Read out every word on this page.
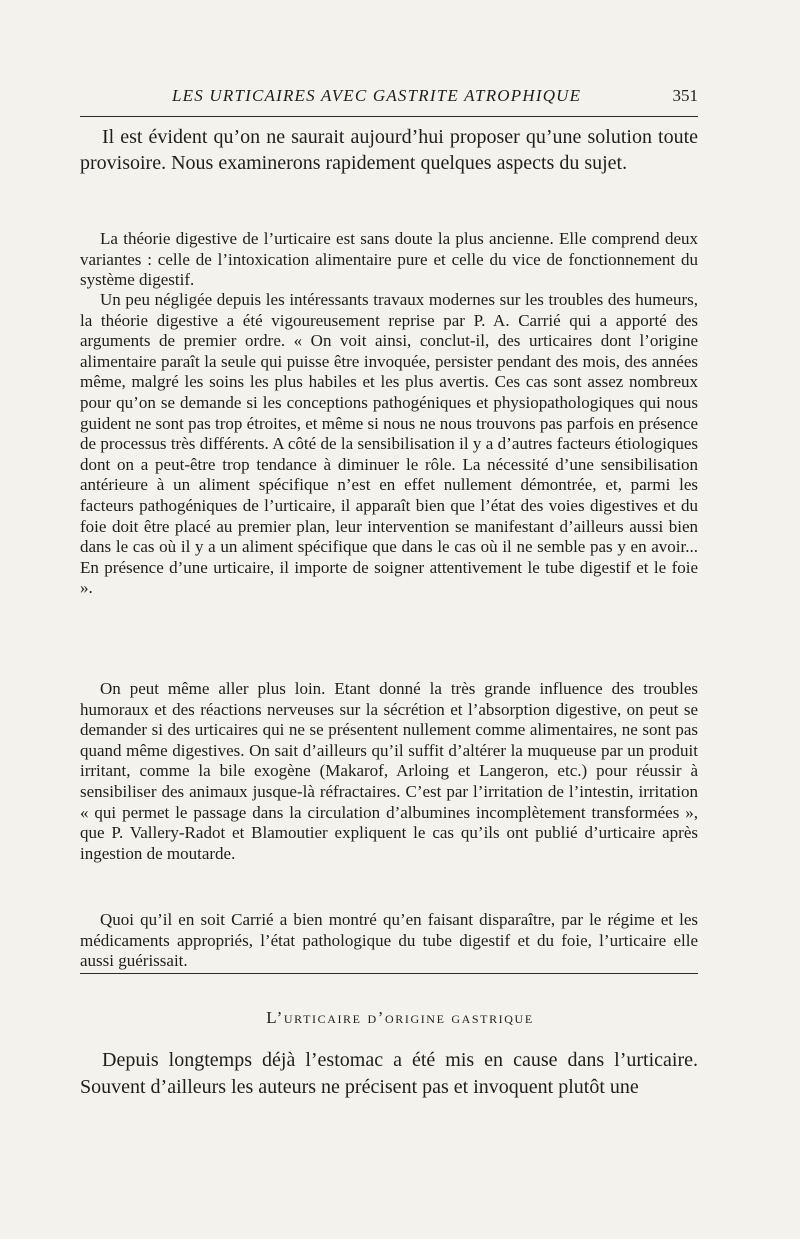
LES URTICAIRES AVEC GASTRITE ATROPHIQUE	351

Il est évident qu’on ne saurait aujourd’hui proposer qu’une solution toute provisoire. Nous examinerons rapidement quelques aspects du sujet.

La théorie digestive de l’urticaire est sans doute la plus ancienne. Elle comprend deux variantes : celle de l’intoxication alimentaire pure et celle du vice de fonctionnement du système digestif.

Un peu négligée depuis les intéressants travaux modernes sur les troubles des humeurs, la théorie digestive a été vigoureusement reprise par P. A. Carrié qui a apporté des arguments de premier ordre. « On voit ainsi, conclut-il, des urticaires dont l’origine alimentaire paraît la seule qui puisse être invoquée, persister pendant des mois, des années même, malgré les soins les plus habiles et les plus avertis. Ces cas sont assez nombreux pour qu’on se demande si les conceptions pathogéniques et physiopathologiques qui nous guident ne sont pas trop étroites, et même si nous ne nous trouvons pas parfois en présence de processus très différents. A côté de la sensibilisation il y a d’autres facteurs étiologiques dont on a peut-être trop tendance à diminuer le rôle. La nécessité d’une sensibilisation antérieure à un aliment spécifique n’est en effet nullement démontrée, et, parmi les facteurs pathogéniques de l’urticaire, il apparaît bien que l’état des voies digestives et du foie doit être placé au premier plan, leur intervention se manifestant d’ailleurs aussi bien dans le cas où il y a un aliment spécifique que dans le cas où il ne semble pas y en avoir... En présence d’une urticaire, il importe de soigner attentivement le tube digestif et le foie ».

On peut même aller plus loin. Etant donné la très grande influence des troubles humoraux et des réactions nerveuses sur la sécrétion et l’absorption digestive, on peut se demander si des urticaires qui ne se présentent nullement comme alimentaires, ne sont pas quand même digestives. On sait d’ailleurs qu’il suffit d’altérer la muqueuse par un produit irritant, comme la bile exogène (Makarof, Arloing et Langeron, etc.) pour réussir à sensibiliser des animaux jusque-là réfractaires. C’est par l’irritation de l’intestin, irritation « qui permet le passage dans la circulation d’albumines incomplètement transformées », que P. Vallery-Radot et Blamoutier expliquent le cas qu’ils ont publié d’urticaire après ingestion de moutarde.

Quoi qu’il en soit Carrié a bien montré qu’en faisant disparaître, par le régime et les médicaments appropriés, l’état pathologique du tube digestif et du foie, l’urticaire elle aussi guérissait.

L’urticaire d’origine gastrique

Depuis longtemps déjà l’estomac a été mis en cause dans l’urticaire. Souvent d’ailleurs les auteurs ne précisent pas et invoquent plutôt une
